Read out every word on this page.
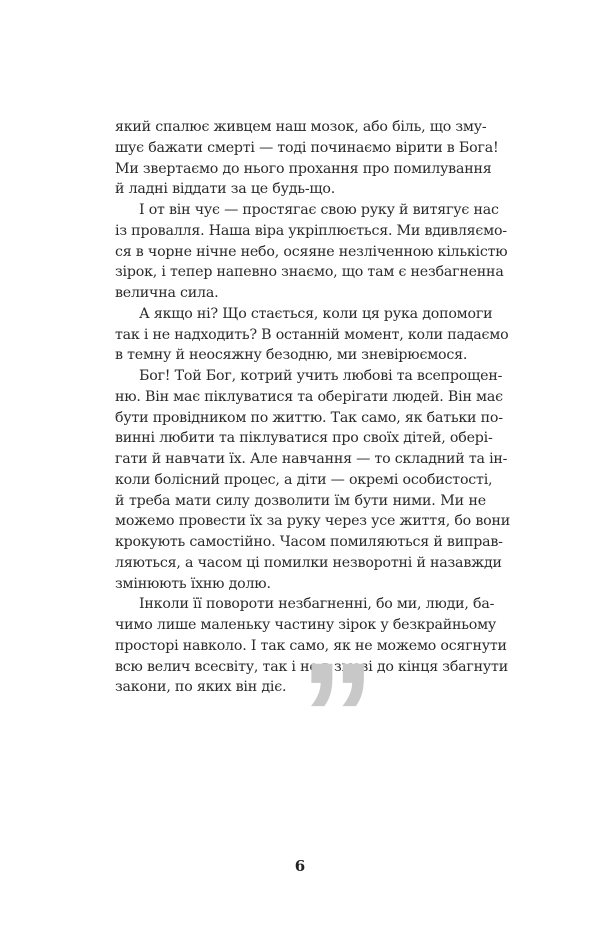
який спалює живцем наш мозок, або біль, що зму-
шує бажати смерті — тоді починаємо вірити в Бога!
Ми звертаємо до нього прохання про помилування
й ладні віддати за це будь-що.
І от він чує — простягає свою руку й витягує нас
із провалля. Наша віра укріплюється. Ми вдивляємо-
ся в чорне нічне небо, осяяне незліченною кількістю
зірок, і тепер напевно знаємо, що там є незбагненна
велична сила.
А якщо ні? Що стається, коли ця рука допомоги
так і не надходить? В останній момент, коли падаємо
в темну й неосяжну безодню, ми зневірюємося.
Бог! Той Бог, котрий учить любові та всепрощен-
ню. Він має піклуватися та оберігати людей. Він має
бути провідником по життю. Так само, як батьки по-
винні любити та піклуватися про своїх дітей, обері-
гати й навчати їх. Але навчання — то складний та ін-
коли болісний процес, а діти — окремі особистості,
й треба мати силу дозволити їм бути ними. Ми не
можемо провести їх за руку через усе життя, бо вони
крокують самостійно. Часом помиляються й виправ-
ляються, а часом ці помилки незворотні й назавжди
змінюють їхню долю.
Інколи її повороти незбагненні, бо ми, люди, ба-
чимо лише маленьку частину зірок у безкрайньому
просторі навколо. І так само, як не можемо осягнути
всю велич всесвіту, так і не в змозі до кінця збагнути
закони, по яких він діє. ”
6
